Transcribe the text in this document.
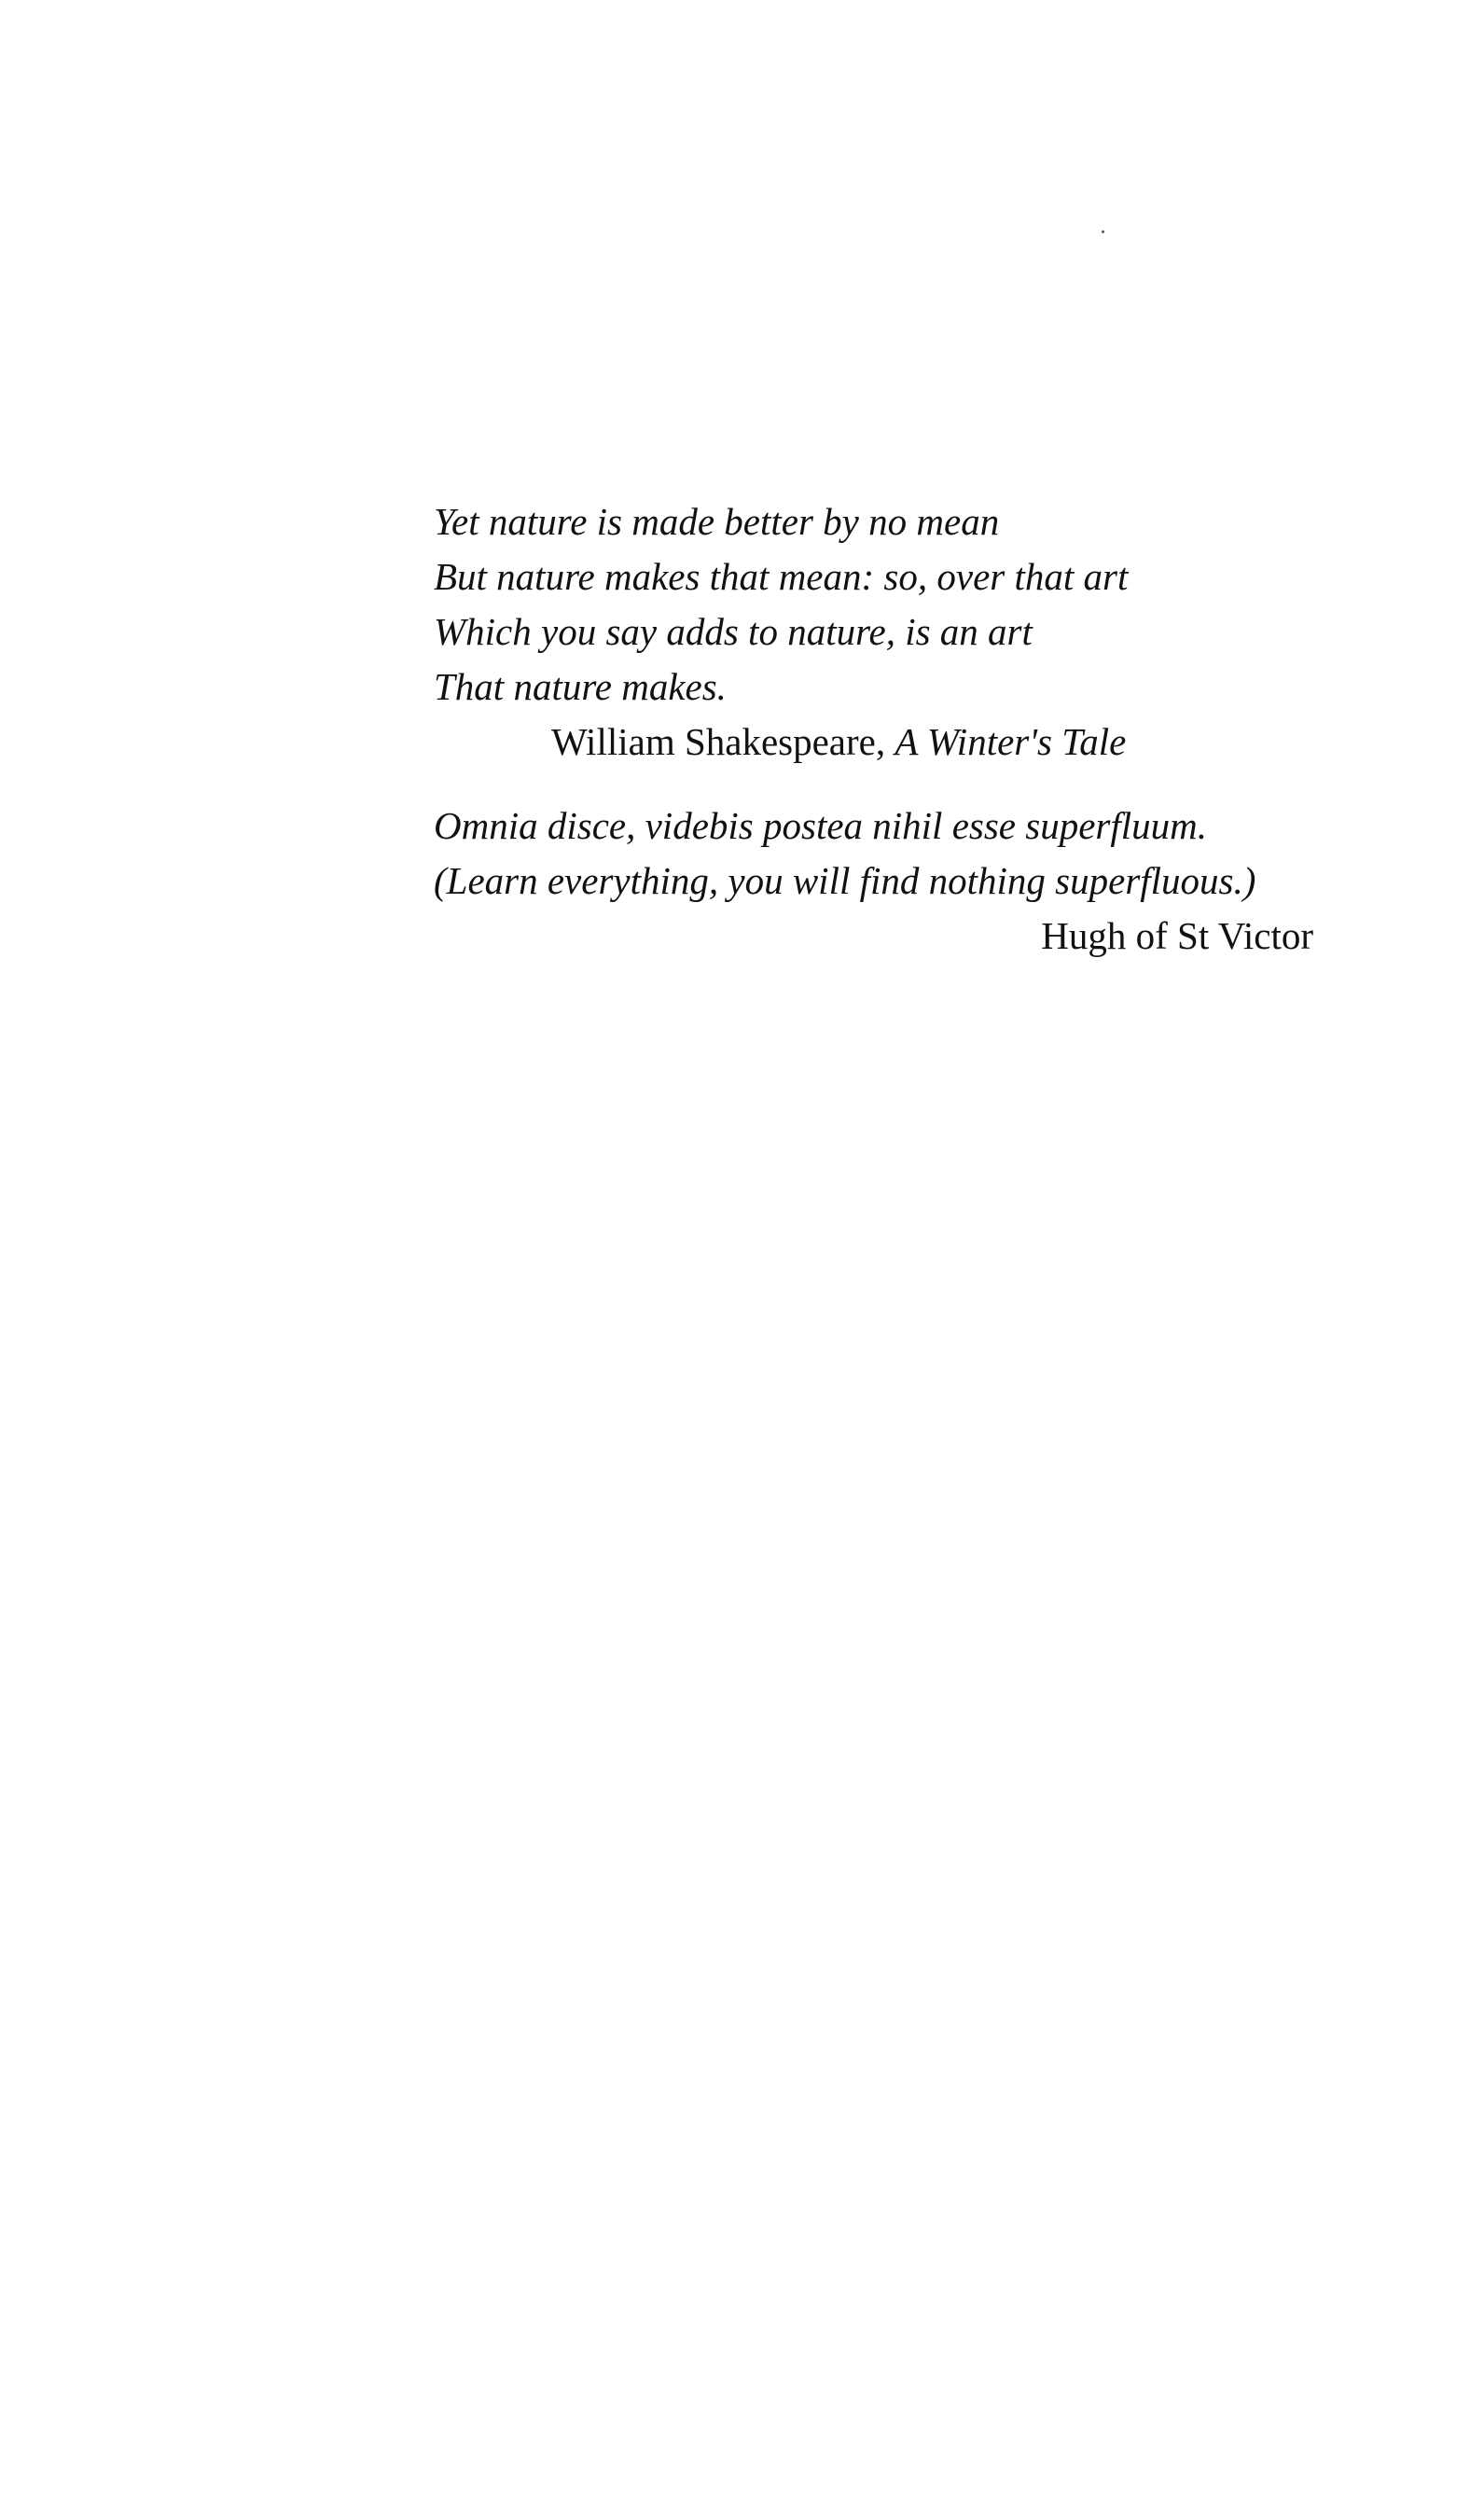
Yet nature is made better by no mean
But nature makes that mean: so, over that art
Which you say adds to nature, is an art
That nature makes.
William Shakespeare, A Winter's Tale
Omnia disce, videbis postea nihil esse superfluum.
(Learn everything, you will find nothing superfluous.)
Hugh of St Victor
